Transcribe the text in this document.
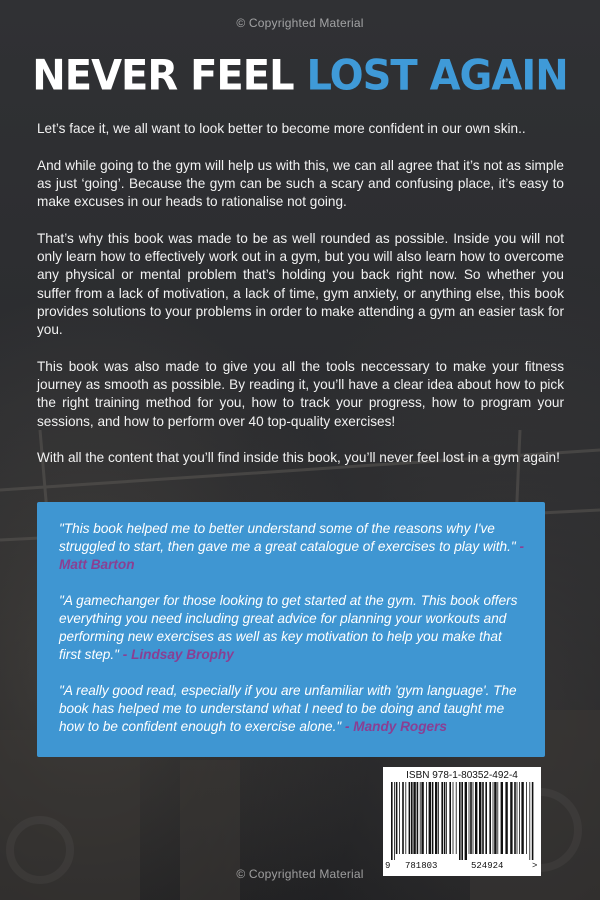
© Copyrighted Material
NEVER FEEL LOST AGAIN

Let’s face it, we all want to look better to become more confident in our own skin..

And while going to the gym will help us with this, we can all agree that it’s not as simple as just ‘going’. Because the gym can be such a scary and confusing place, it’s easy to make excuses in our heads to rationalise not going.

That’s why this book was made to be as well rounded as possible. Inside you will not only learn how to effectively work out in a gym, but you will also learn how to overcome any physical or mental problem that’s holding you back right now. So whether you suffer from a lack of motivation, a lack of time, gym anxiety, or anything else, this book provides solutions to your problems in order to make attending a gym an easier task for you.

This book was also made to give you all the tools neccessary to make your fitness journey as smooth as possible. By reading it, you’ll have a clear idea about how to pick the right training method for you, how to track your progress, how to program your sessions, and how to perform over 40 top-quality exercises!

With all the content that you’ll find inside this book, you’ll never feel lost in a gym again!

"This book helped me to better understand some of the reasons why I've struggled to start, then gave me a great catalogue of exercises to play with." - Matt Barton

"A gamechanger for those looking to get started at the gym. This book offers everything you need including great advice for planning your workouts and performing new exercises as well as key motivation to help you make that first step." - Lindsay Brophy

"A really good read, especially if you are unfamiliar with 'gym language'. The book has helped me to understand what I need to be doing and taught me how to be confident enough to exercise alone." - Mandy Rogers

ISBN 978-1-80352-492-4
9 781803	524924	>
© Copyrighted Material
